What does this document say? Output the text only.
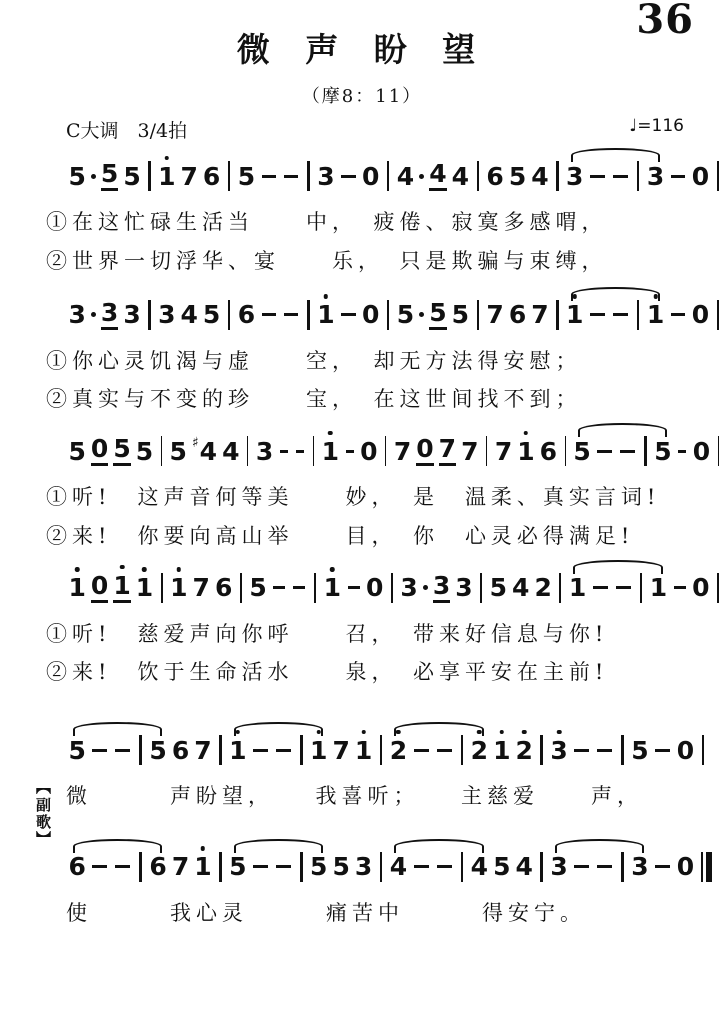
36
微 声 盼 望
（摩8：11）
C大调　3/4拍	♩=116
5 5 5 1 7 6 5 3 0 4 4 4 6 5 4 3	3 0
①在这忙碌生活当　　中，　疲倦、寂寞多感喟，
②世界一切浮华、宴　　乐，　只是欺骗与束缚，
3 3 3 3 4 5 6 1 0 5 5 5 7 6 7 1	1 0
①你心灵饥渴与虚　　空，　却无方法得安慰；
②真实与不变的珍　　宝，　在这世间找不到；
5 0 5 5 5 ♯ 4 4 3 1 0 7 0 7 7 7 1 6 5	5 0
①听!　这声音何等美　　妙，　是　温柔、真实言词!
②来!　你要向高山举　　目，　你　心灵必得满足!
1 0 1 1 1 7 6 5 1 0 3 3 3 5 4 2 1	1 0
①听!　慈爱声向你呼　　召，　带来好信息与你!
②来!　饮于生命活水　　泉，　必享平安在主前!
5	5 6 7 1	1 7 1 2	2 1 2 3	5 0
︻
副
歌
︼
微　　　声盼望，　　我喜听；　　主慈爱　　声，
6	6 7 1 5	5 5 3 4	4 5 4 3	3 0
使　　　我心灵　　　痛苦中　　　得安宁。
